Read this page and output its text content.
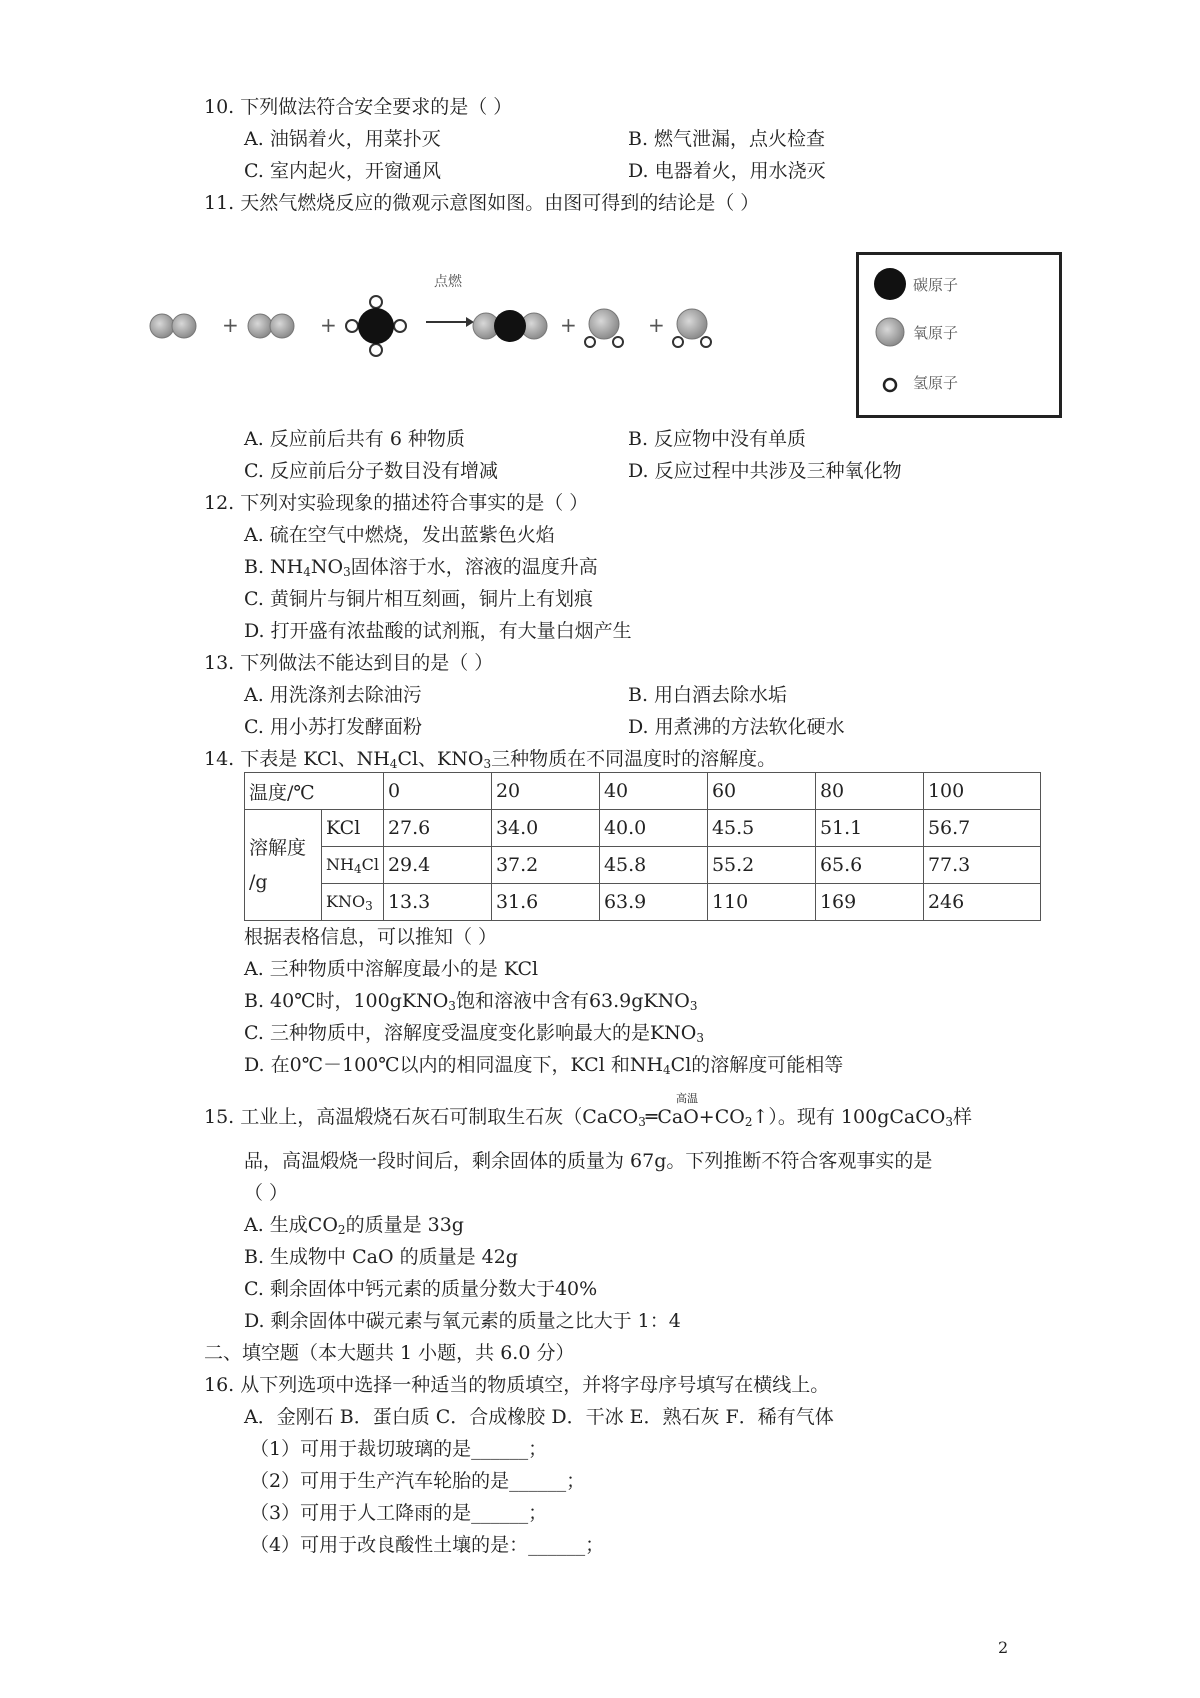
10. 下列做法符合安全要求的是（ ）
A. 油锅着火，用菜扑灭	B. 燃气泄漏，点火检查
C. 室内起火，开窗通风	D. 电器着火，用水浇灭
11. 天然气燃烧反应的微观示意图如图。由图可得到的结论是（ ）
+	+
点燃
+	+
碳原子
氧原子
氢原子
A. 反应前后共有 6 种物质	B. 反应物中没有单质
C. 反应前后分子数目没有增减	D. 反应过程中共涉及三种氧化物
12. 下列对实验现象的描述符合事实的是（ ）
A. 硫在空气中燃烧，发出蓝紫色火焰
B. $NH_4NO_3$固体溶于水，溶液的温度升高
C. 黄铜片与铜片相互刻画，铜片上有划痕
D. 打开盛有浓盐酸的试剂瓶，有大量白烟产生
13. 下列做法不能达到目的是（ ）
A. 用洗涤剂去除油污	B. 用白酒去除水垢
C. 用小苏打发酵面粉	D. 用煮沸的方法软化硬水
14. 下表是 KCl、$NH_4Cl$、$KNO_3$三种物质在不同温度时的溶解度。
温度/℃		0	20	40	60	80	100
溶解度
/g	KCl	27.6	34.0	40.0	45.5	51.1	56.7
	$NH_4Cl$	29.4	37.2	45.8	55.2	65.6	77.3
	$KNO_3$	13.3	31.6	63.9	110	169	246
根据表格信息，可以推知（ ）
A. 三种物质中溶解度最小的是 KCl
B. 40℃时，100gKNO$_3$饱和溶液中含有63.9gKNO$_3$
C. 三种物质中，溶解度受温度变化影响最大的是$KNO_3$
D. 在0℃－100℃以内的相同温度下，KCl 和$NH_4Cl$的溶解度可能相等
高温
15. 工业上，高温煅烧石灰石可制取生石灰$(CaCO_3═CaO+CO_2↑)$。现有 100gCaCO$_3$样
品，高温煅烧一段时间后，剩余固体的质量为 67g。下列推断不符合客观事实的是
（ ）
A. 生成$CO_2$的质量是 33g
B. 生成物中 CaO 的质量是 42g
C. 剩余固体中钙元素的质量分数大于40%
D. 剩余固体中碳元素与氧元素的质量之比大于 1：4
二、填空题（本大题共 1 小题，共 6.0 分）
16. 从下列选项中选择一种适当的物质填空，并将字母序号填写在横线上。
A．金刚石 B．蛋白质 C．合成橡胶 D．干冰 E．熟石灰 F．稀有气体
（1）可用于裁切玻璃的是______；
（2）可用于生产汽车轮胎的是______；
（3）可用于人工降雨的是______；
（4）可用于改良酸性土壤的是：______；
2
